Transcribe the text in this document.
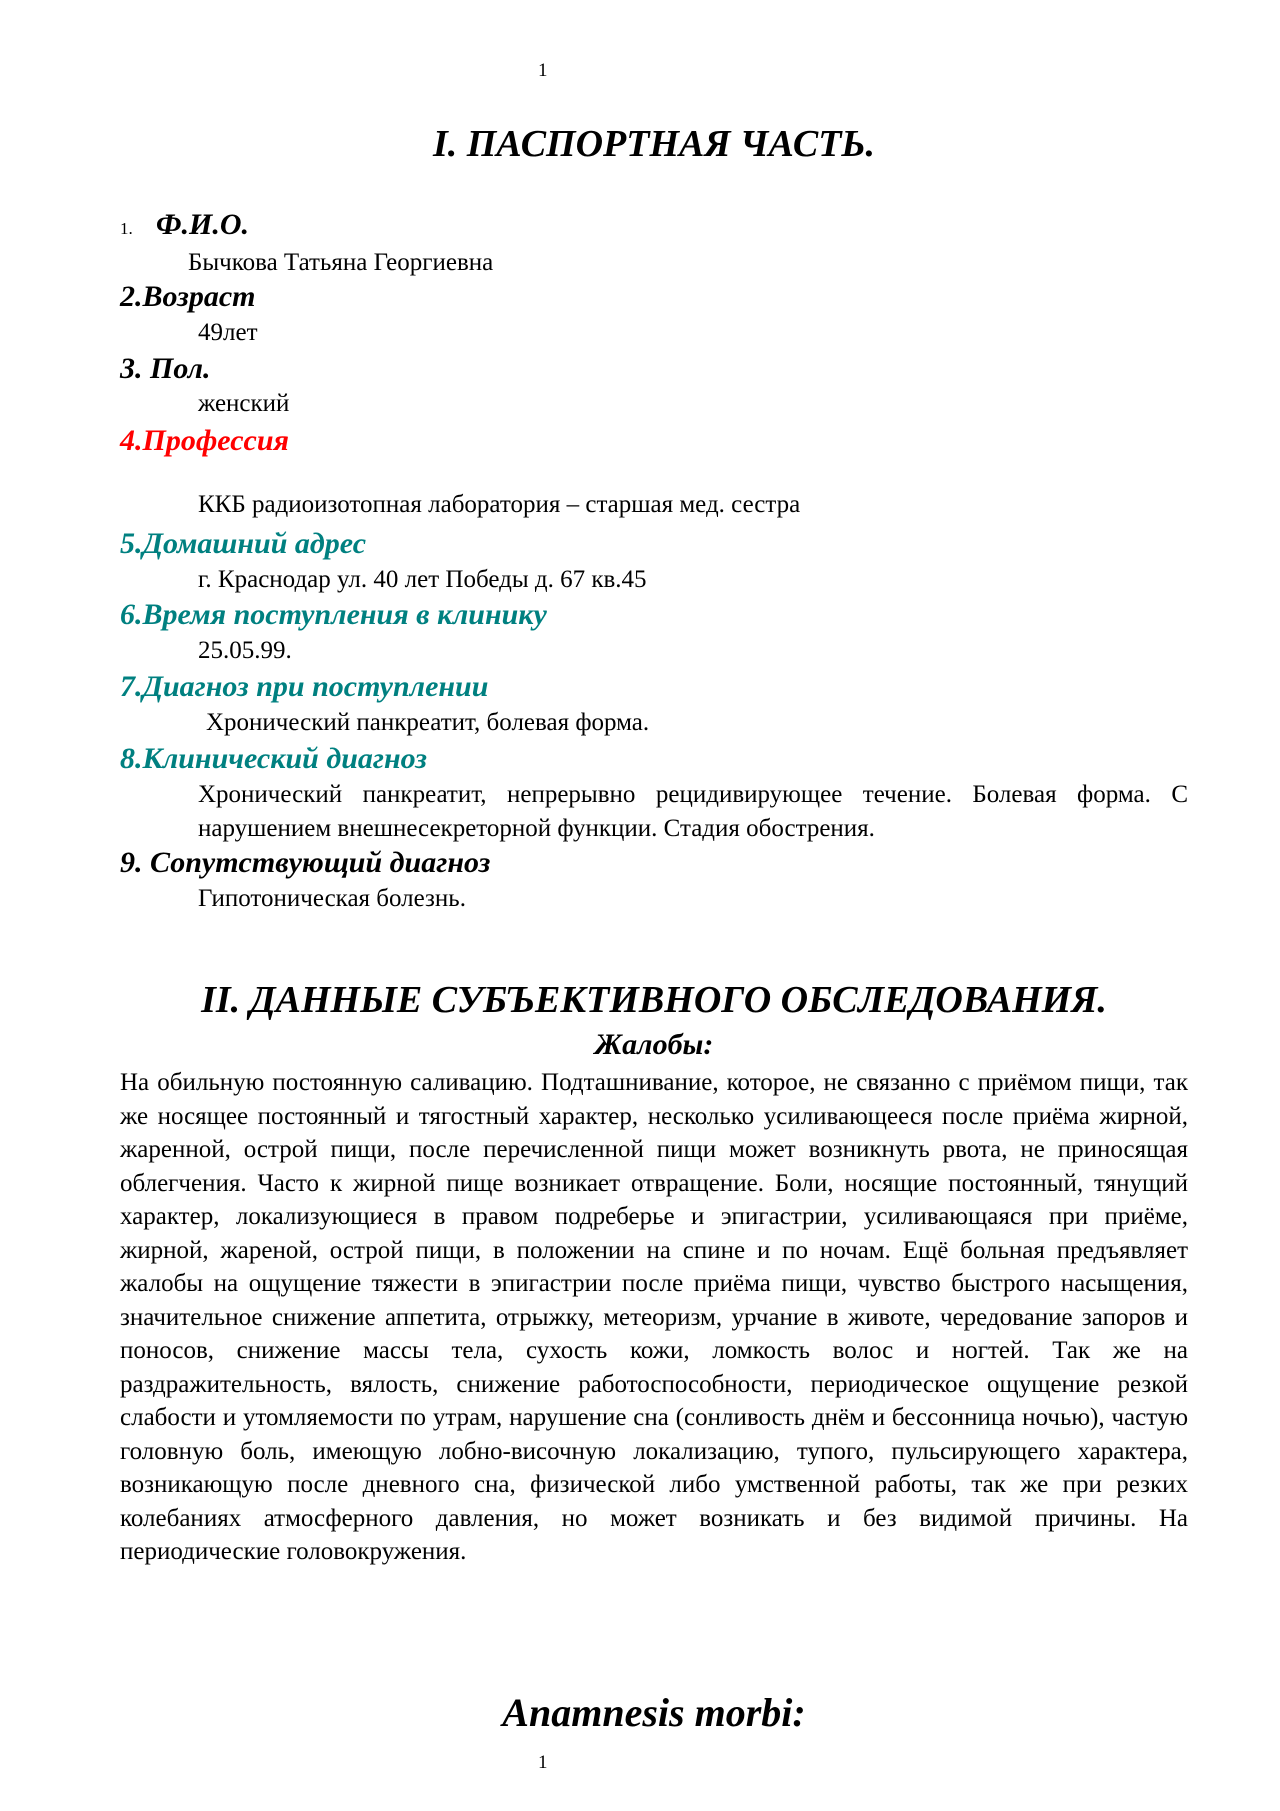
1

I. ПАСПОРТНАЯ ЧАСТЬ.

1. Ф.И.О.

Бычкова Татьяна Георгиевна

2.Возраст

49лет

3. Пол.

женский

4.Профессия

ККБ радиоизотопная лаборатория – старшая мед. сестра

5.Домашний адрес

г. Краснодар ул. 40 лет Победы д. 67 кв.45

6.Время поступления в клинику

25.05.99.

7.Диагноз при поступлении

Хронический панкреатит, болевая форма.

8.Клинический диагноз

Хронический панкреатит, непрерывно рецидивирующее течение. Болевая форма. С нарушением внешнесекреторной функции. Стадия обострения.

9. Сопутствующий диагноз

Гипотоническая болезнь.

II. ДАННЫЕ СУБЪЕКТИВНОГО ОБСЛЕДОВАНИЯ.

Жалобы:

На обильную постоянную саливацию. Подташнивание, которое, не связанно с приёмом пищи, так же носящее постоянный и тягостный характер, несколько усиливающееся после приёма жирной, жаренной, острой пищи, после перечисленной пищи может возникнуть рвота, не приносящая облегчения. Часто к жирной пище возникает отвращение. Боли, носящие постоянный, тянущий характер, локализующиеся в правом подреберье и эпигастрии, усиливающаяся при приёме, жирной, жареной, острой пищи, в положении на спине и по ночам. Ещё больная предъявляет жалобы на ощущение тяжести в эпигастрии после приёма пищи, чувство быстрого насыщения, значительное снижение аппетита, отрыжку, метеоризм, урчание в животе, чередование запоров и поносов, снижение массы тела, сухость кожи, ломкость волос и ногтей. Так же на раздражительность, вялость, снижение работоспособности, периодическое ощущение резкой слабости и утомляемости по утрам, нарушение сна (сонливость днём и бессонница ночью), частую головную боль, имеющую лобно-височную локализацию, тупого, пульсирующего характера, возникающую после дневного сна, физической либо умственной работы, так же при резких колебаниях атмосферного давления, но может возникать и без видимой причины. На периодические головокружения.

Anamnesis morbi:

1
